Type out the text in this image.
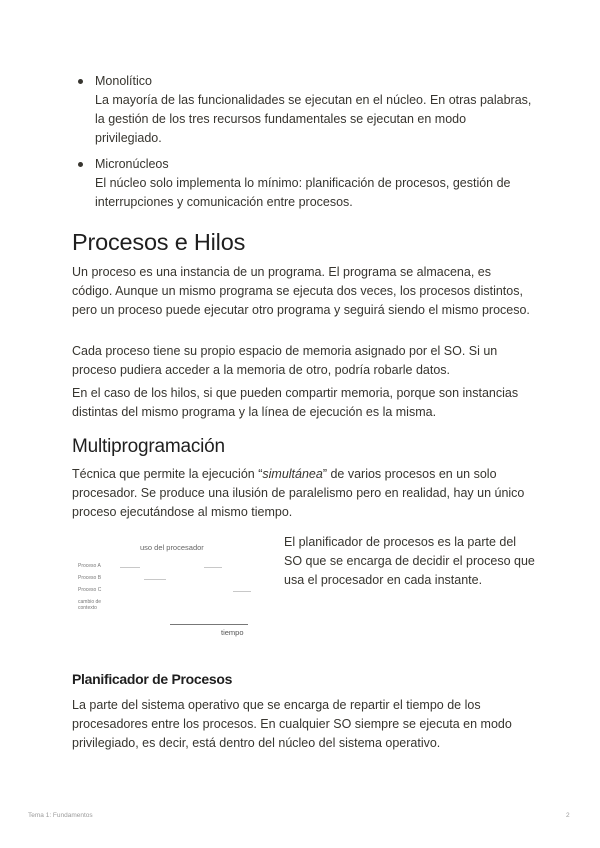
Monolítico

La mayoría de las funcionalidades se ejecutan en el núcleo. En otras palabras, la gestión de los tres recursos fundamentales se ejecutan en modo privilegiado.

Micronúcleos

El núcleo solo implementa lo mínimo: planificación de procesos, gestión de interrupciones y comunicación entre procesos.

Procesos e Hilos

Un proceso es una instancia de un programa. El programa se almacena, es código. Aunque un mismo programa se ejecuta dos veces, los procesos distintos, pero un proceso puede ejecutar otro programa y seguirá siendo el mismo proceso.

Cada proceso tiene su propio espacio de memoria asignado por el SO. Si un proceso pudiera acceder a la memoria de otro, podría robarle datos.

En el caso de los hilos, si que pueden compartir memoria, porque son instancias distintas del mismo programa y la línea de ejecución es la misma.

Multiprogramación

Técnica que permite la ejecución “simultánea” de varios procesos en un solo procesador. Se produce una ilusión de paralelismo pero en realidad, hay un único proceso ejecutándose al mismo tiempo.

uso del procesador
Proceso A
Proceso B
Proceso C
cambio de contexto
tiempo

El planificador de procesos es la parte del SO que se encarga de decidir el proceso que usa el procesador en cada instante.

Planificador de Procesos

La parte del sistema operativo que se encarga de repartir el tiempo de los procesadores entre los procesos. En cualquier SO siempre se ejecuta en modo privilegiado, es decir, está dentro del núcleo del sistema operativo.

Tema 1: Fundamentos	2
